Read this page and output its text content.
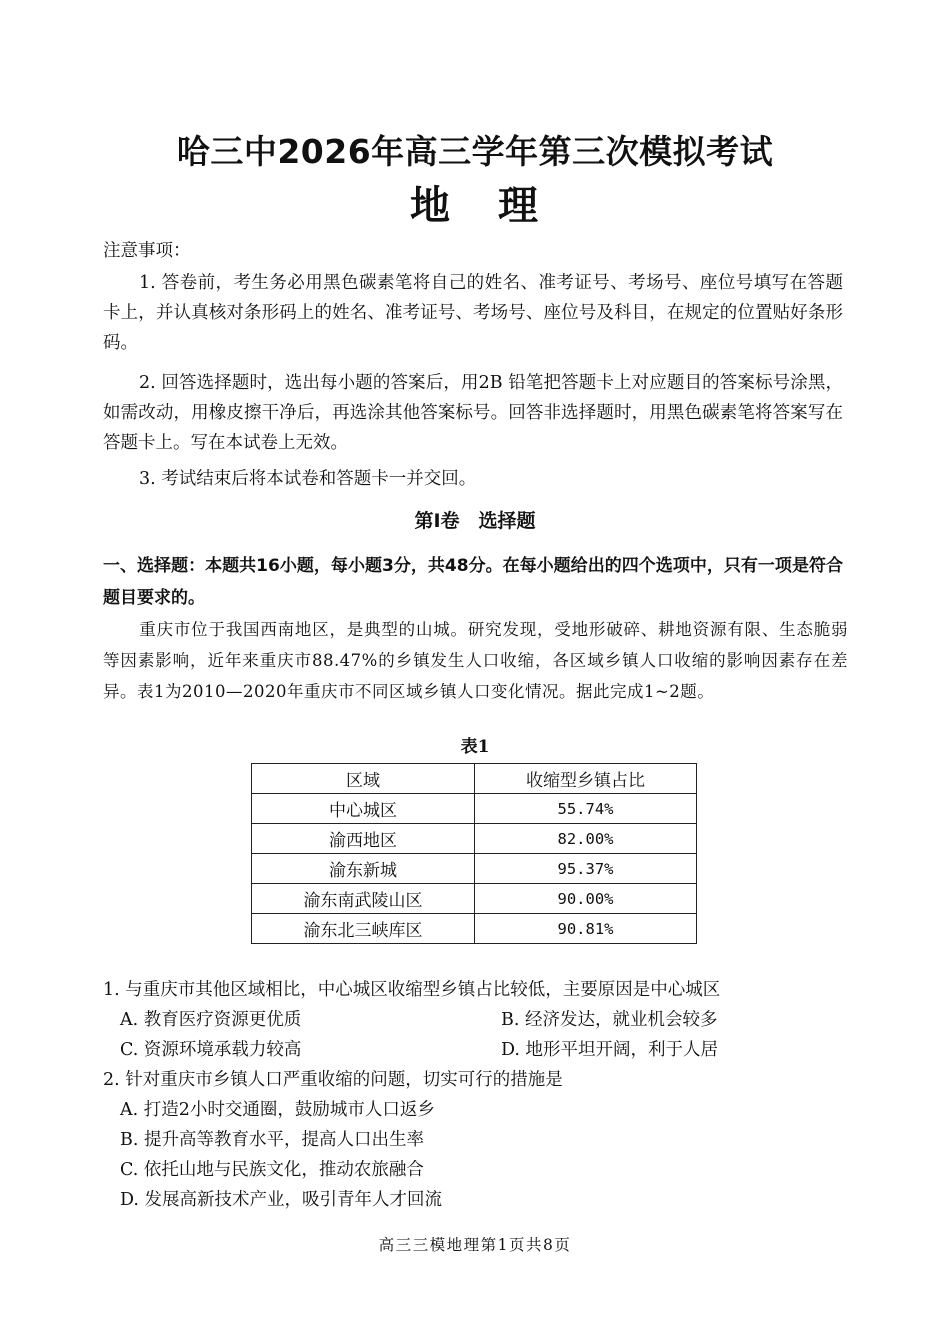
哈三中2026年高三学年第三次模拟考试
地 理
注意事项：
1. 答卷前，考生务必用黑色碳素笔将自己的姓名、准考证号、考场号、座位号填写在答题卡上，并认真核对条形码上的姓名、准考证号、考场号、座位号及科目，在规定的位置贴好条形码。
2. 回答选择题时，选出每小题的答案后，用2B 铅笔把答题卡上对应题目的答案标号涂黑，如需改动，用橡皮擦干净后，再选涂其他答案标号。回答非选择题时，用黑色碳素笔将答案写在答题卡上。写在本试卷上无效。
3. 考试结束后将本试卷和答题卡一并交回。
第Ⅰ卷　选择题
一、选择题：本题共16小题，每小题3分，共48分。在每小题给出的四个选项中，只有一项是符合题目要求的。
重庆市位于我国西南地区，是典型的山城。研究发现，受地形破碎、耕地资源有限、生态脆弱等因素影响，近年来重庆市88.47%的乡镇发生人口收缩，各区域乡镇人口收缩的影响因素存在差异。表1为2010—2020年重庆市不同区域乡镇人口变化情况。据此完成1~2题。
表1
区域	收缩型乡镇占比
中心城区	55.74%
渝西地区	82.00%
渝东新城	95.37%
渝东南武陵山区	90.00%
渝东北三峡库区	90.81%
1. 与重庆市其他区域相比，中心城区收缩型乡镇占比较低，主要原因是中心城区
A. 教育医疗资源更优质	B. 经济发达，就业机会较多
C. 资源环境承载力较高	D. 地形平坦开阔，利于人居
2. 针对重庆市乡镇人口严重收缩的问题，切实可行的措施是
A. 打造2小时交通圈，鼓励城市人口返乡
B. 提升高等教育水平，提高人口出生率
C. 依托山地与民族文化，推动农旅融合
D. 发展高新技术产业，吸引青年人才回流
高三三模地理第1页共8页
